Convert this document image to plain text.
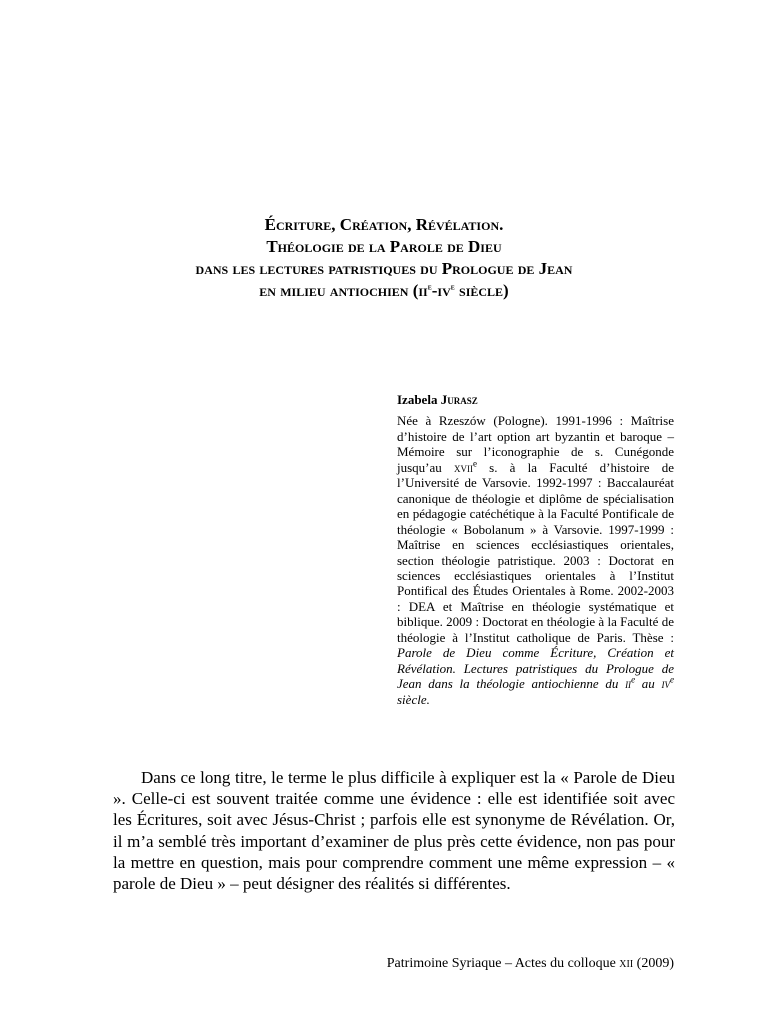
Écriture, Création, Révélation.
Théologie de la Parole de Dieu
dans les lectures patristiques du Prologue de Jean
en milieu antiochien ($ii^e-iv^e$ siècle)
Izabela Jurasz

Née à Rzeszów (Pologne). 1991-1996 : Maîtrise d’histoire de l’art option art byzantin et baroque – Mémoire sur l’iconographie de s. Cunégonde jusqu’au xvii$^e$ s. à la Faculté d’histoire de l’Université de Varsovie. 1992-1997 : Baccalauréat canonique de théologie et diplôme de spécialisation en pédagogie catéchétique à la Faculté Pontificale de théologie « Bobolanum » à Varsovie. 1997-1999 : Maîtrise en sciences ecclésiastiques orientales, section théologie patristique. 2003 : Doctorat en sciences ecclésiastiques orientales à l’Institut Pontifical des Études Orientales à Rome. 2002-2003 : DEA et Maîtrise en théologie systématique et biblique. 2009 : Doctorat en théologie à la Faculté de théologie à l’Institut catholique de Paris. Thèse : Parole de Dieu comme Écriture, Création et Révélation. Lectures patristiques du Prologue de Jean dans la théologie antiochienne du $ii^e$ au $iv^e$ siècle.

Dans ce long titre, le terme le plus difficile à expliquer est la « Parole de Dieu ». Celle-ci est souvent traitée comme une évidence : elle est identifiée soit avec les Écritures, soit avec Jésus-Christ ; parfois elle est synonyme de Révélation. Or, il m’a semblé très important d’examiner de plus près cette évidence, non pas pour la mettre en question, mais pour comprendre comment une même expression – « parole de Dieu » – peut désigner des réalités si différentes.

Patrimoine Syriaque – Actes du colloque xii (2009)
